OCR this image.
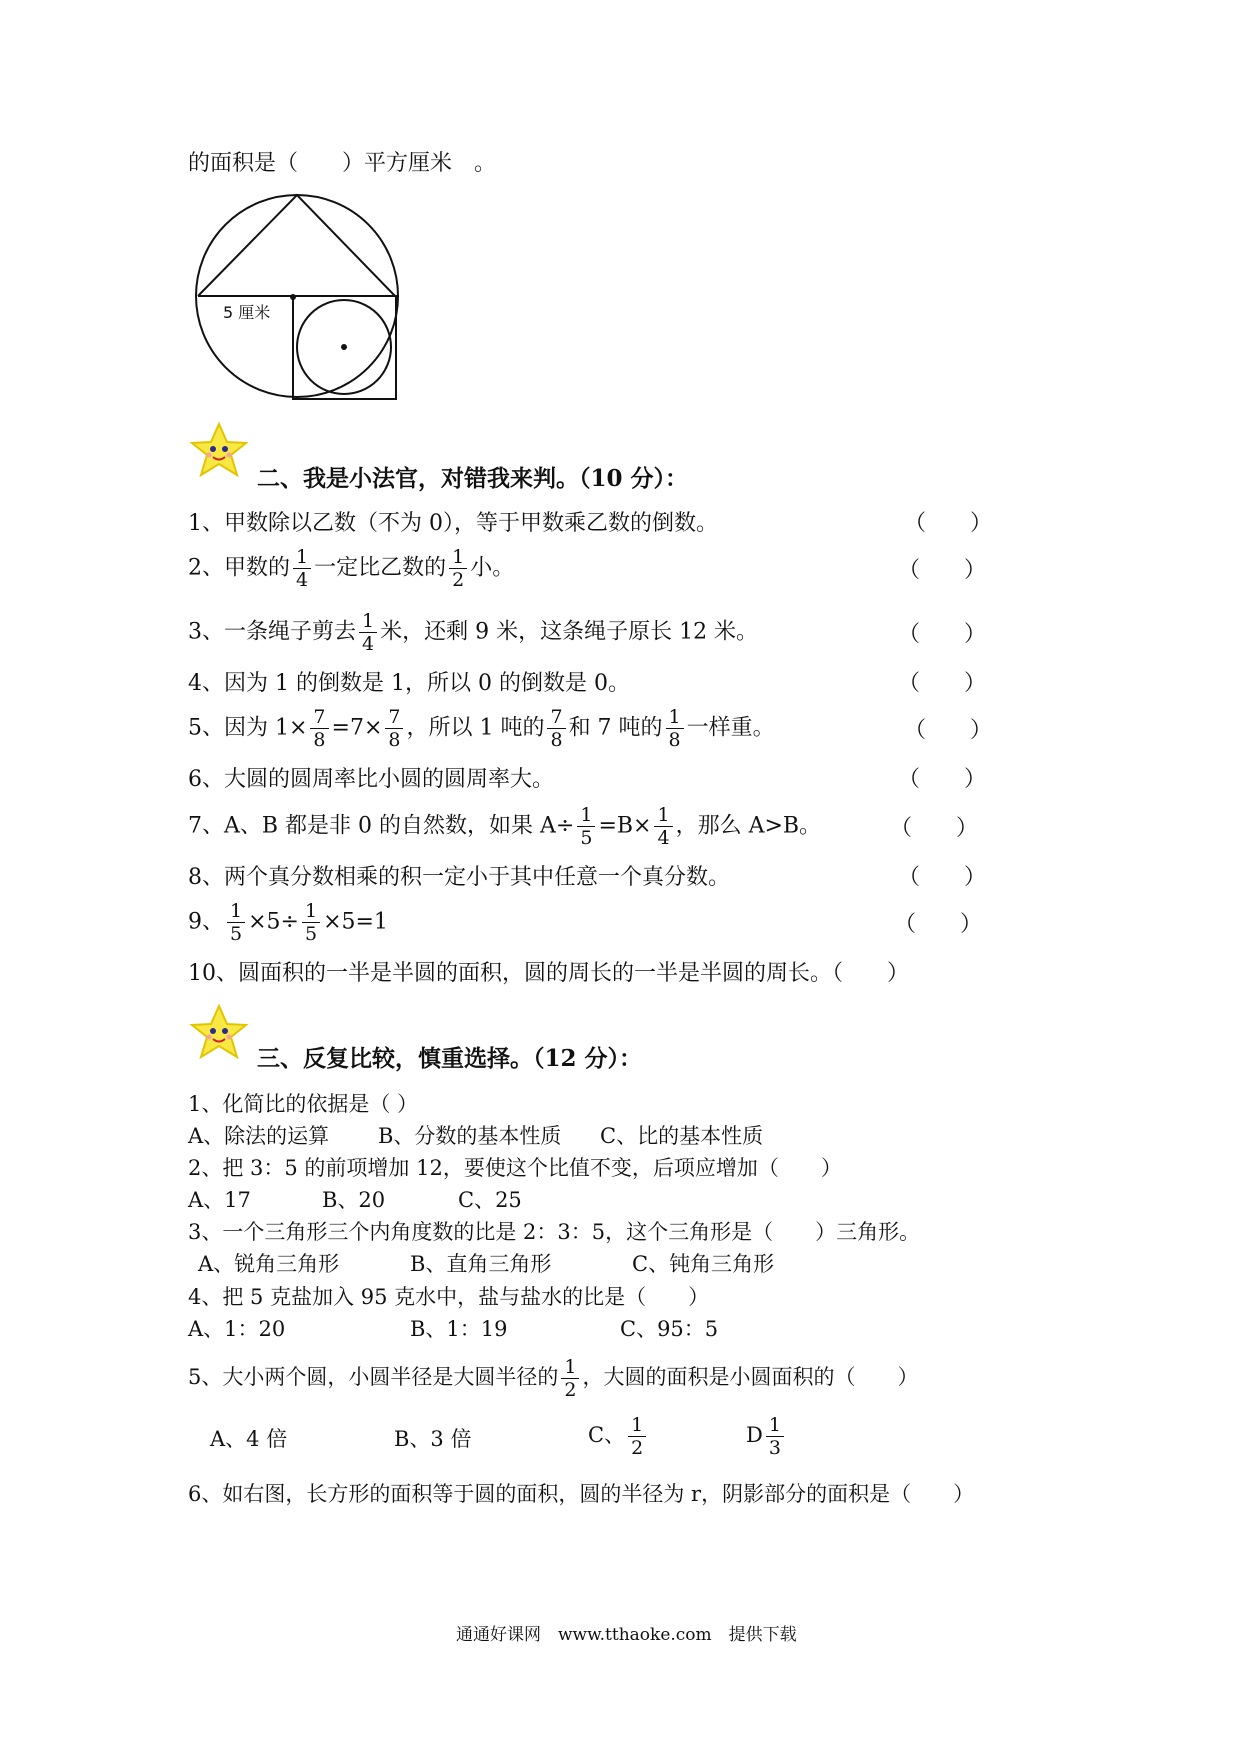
的面积是（　　）平方厘米　。
5 厘米
二、我是小法官，对错我来判。（10 分）：
1、甲数除以乙数（不为 0），等于甲数乘乙数的倒数。	（　　）
2、甲数的 $\frac{1}{4}$ 一定比乙数的 $\frac{1}{2}$ 小。	（　　）
3、一条绳子剪去 $\frac{1}{4}$ 米，还剩 9 米，这条绳子原长 12 米。	（　　）
4、因为 1 的倒数是 1，所以 0 的倒数是 0。	（　　）
5、因为 $1\times \frac{7}{8} =7\times \frac{7}{8}$ ，所以 1 吨的 $\frac{7}{8}$ 和 7 吨的 $\frac{1}{8}$ 一样重。	（　　）
6、大圆的圆周率比小圆的圆周率大。	（　　）
7、A、B 都是非 0 的自然数，如果 $A\div \frac{1}{5} =B\times \frac{1}{4}$ ，那么 A>B。	（　　）
8、两个真分数相乘的积一定小于其中任意一个真分数。	（　　）
9、 $\frac{1}{5} \times 5\div \frac{1}{5} \times 5=1$	（　　）
10、圆面积的一半是半圆的面积，圆的周长的一半是半圆的周长。（　　）
三、反复比较，慎重选择。（12 分）：
1、化简比的依据是（ ）
A、除法的运算 B、分数的基本性质 C、比的基本性质
2、把 3：5 的前项增加 12，要使这个比值不变，后项应增加（　　）
A、17	B、20	C、25
3、一个三角形三个内角度数的比是 2：3：5，这个三角形是（　　）三角形。
A、锐角三角形	B、直角三角形	C、钝角三角形
4、把 5 克盐加入 95 克水中，盐与盐水的比是（　　）
A、1：20	B、1：19	C、95：5
5、大小两个圆，小圆半径是大圆半径的 $\frac{1}{2}$ ，大圆的面积是小圆面积的（　　）
A、4 倍	B、3 倍	C、 $\frac{1}{2}$	D $\frac{1}{3}$
6、如右图，长方形的面积等于圆的面积，圆的半径为 r，阴影部分的面积是（　　）
通通好课网　www.tthaoke.com　提供下载
